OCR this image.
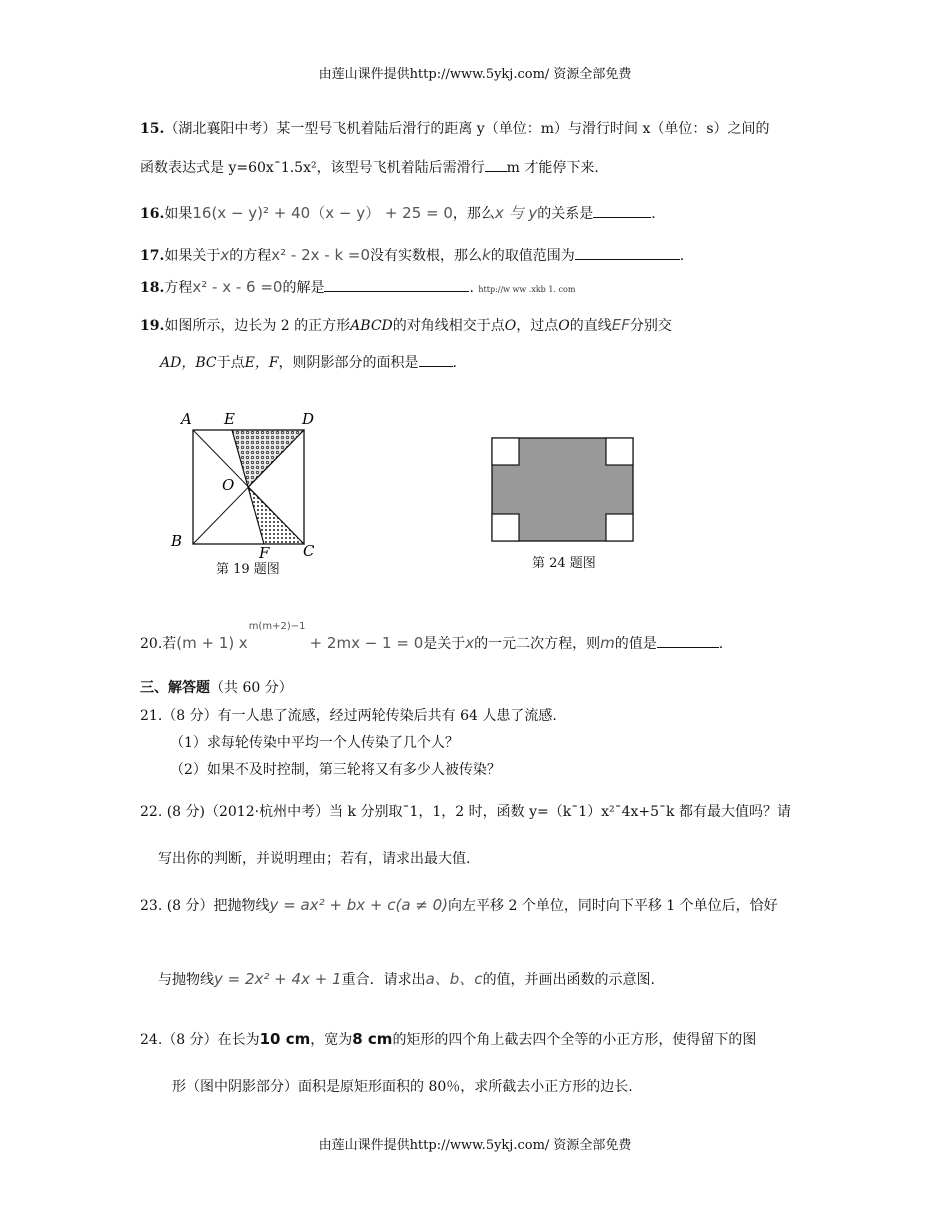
由莲山课件提供http://www.5ykj.com/ 资源全部免费
15.（湖北襄阳中考）某一型号飞机着陆后滑行的距离 y（单位：m）与滑行时间 x（单位：s）之间的
函数表达式是 y=60x¯1.5x²，该型号飞机着陆后需滑行 m 才能停下来.
16.如果16(x − y)² + 40（x − y） + 25 = 0，那么x 与 y的关系是	.
17.如果关于x的方程x² - 2x - k =0没有实数根，那么k的取值范围为	.
18.方程x² - x - 6 =0的解是	. http://w ww .xkb 1. com
19.如图所示，边长为 2 的正方形ABCD的对角线相交于点O，过点O的直线EF分别交
AD，BC于点E，F，则阴影部分的面积是 .
A E	D
O
B
F C
第 19 题图	第 24 题图
20.若(m + 1) x
m(m+2)−1
+ 2mx − 1 = 0是关于x的一元二次方程，则m的值是	.
三、解答题（共 60 分）
21.（8 分）有一人患了流感，经过两轮传染后共有 64 人患了流感.
（1）求每轮传染中平均一个人传染了几个人？
（2）如果不及时控制，第三轮将又有多少人被传染？
22. (8 分)（2012·杭州中考）当 k 分别取¯1，1，2 时，函数 y=（k¯1）x²¯4x+5¯k 都有最大值吗？请
写出你的判断，并说明理由；若有，请求出最大值.
23. (8 分）把抛物线y = ax² + bx + c(a ≠ 0)向左平移 2 个单位，同时向下平移 1 个单位后，恰好
与抛物线y = 2x² + 4x + 1重合．请求出a、b、c的值，并画出函数的示意图.
24.（8 分）在长为10 cm，宽为8 cm的矩形的四个角上截去四个全等的小正方形，使得留下的图
形（图中阴影部分）面积是原矩形面积的 80％，求所截去小正方形的边长.
由莲山课件提供http://www.5ykj.com/ 资源全部免费
